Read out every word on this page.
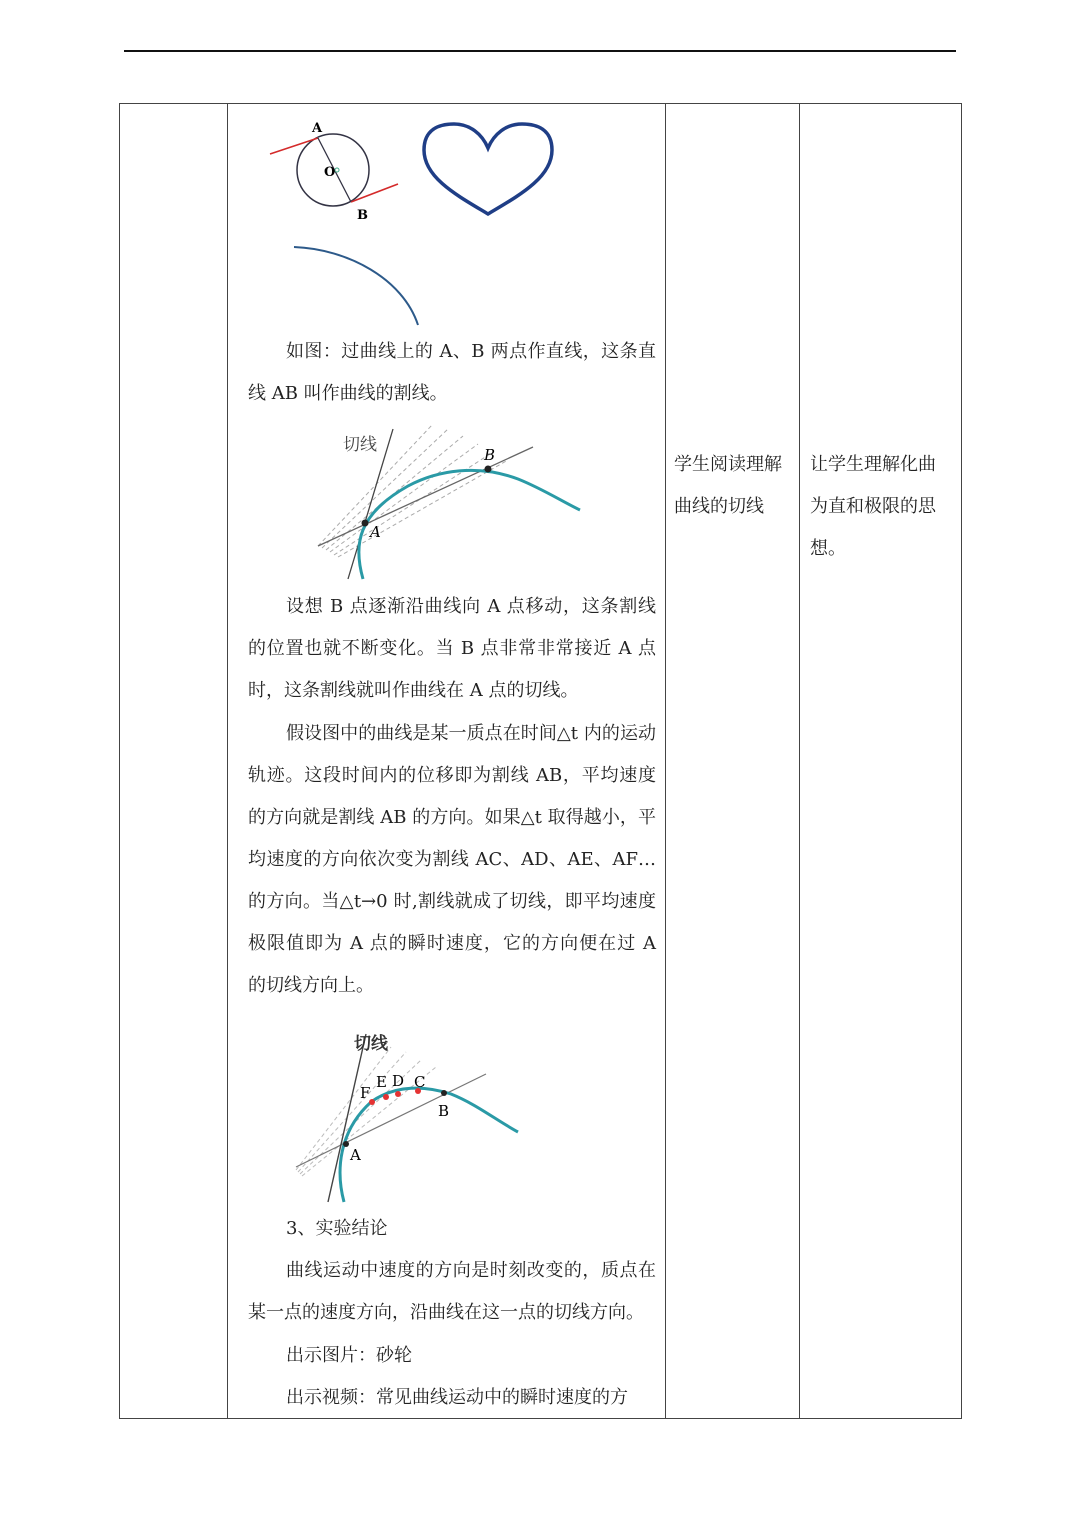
A
O
B

如图：过曲线上的 A、B 两点作直线，这条直线 AB 叫作曲线的割线。

切线
A
B

设想 B 点逐渐沿曲线向 A 点移动，这条割线的位置也就不断变化。当 B 点非常非常接近 A 点时，这条割线就叫作曲线在 A 点的切线。

假设图中的曲线是某一质点在时间△t 内的运动轨迹。这段时间内的位移即为割线 AB，平均速度的方向就是割线 AB 的方向。如果△t 取得越小，平均速度的方向依次变为割线 AC、AD、AE、AF…的方向。当△t→0 时,割线就成了切线，即平均速度极限值即为 A 点的瞬时速度，它的方向便在过 A 的切线方向上。

切线
F
E D C
B
A

3、实验结论

曲线运动中速度的方向是时刻改变的，质点在某一点的速度方向，沿曲线在这一点的切线方向。

出示图片：砂轮

出示视频：常见曲线运动中的瞬时速度的方

学生阅读理解曲线的切线
让学生理解化曲为直和极限的思想。
